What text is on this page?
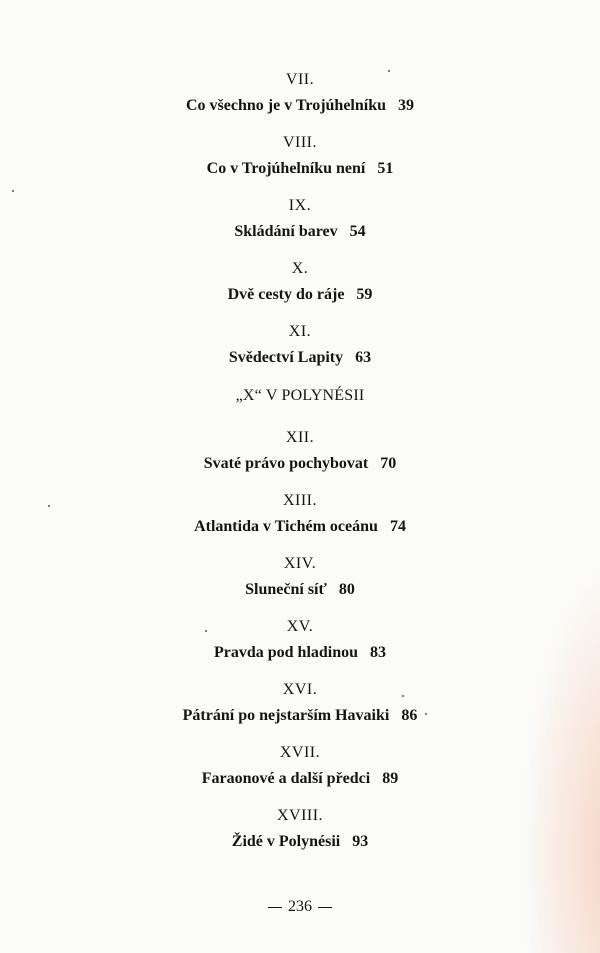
VII.
Co všechno je v Trojúhelníku 39
VIII.
Co v Trojúhelníku není 51
IX.
Skládání barev 54
X.
Dvě cesty do ráje 59
XI.
Svědectví Lapity 63
„X“ V POLYNÉSII
XII.
Svaté právo pochybovat 70
XIII.
Atlantida v Tichém oceánu 74
XIV.
Sluneční síť 80
XV.
Pravda pod hladinou 83
XVI.
Pátrání po nejstarším Havaiki 86
XVII.
Faraonové a další předci 89
XVIII.
Židé v Polynésii 93
236
